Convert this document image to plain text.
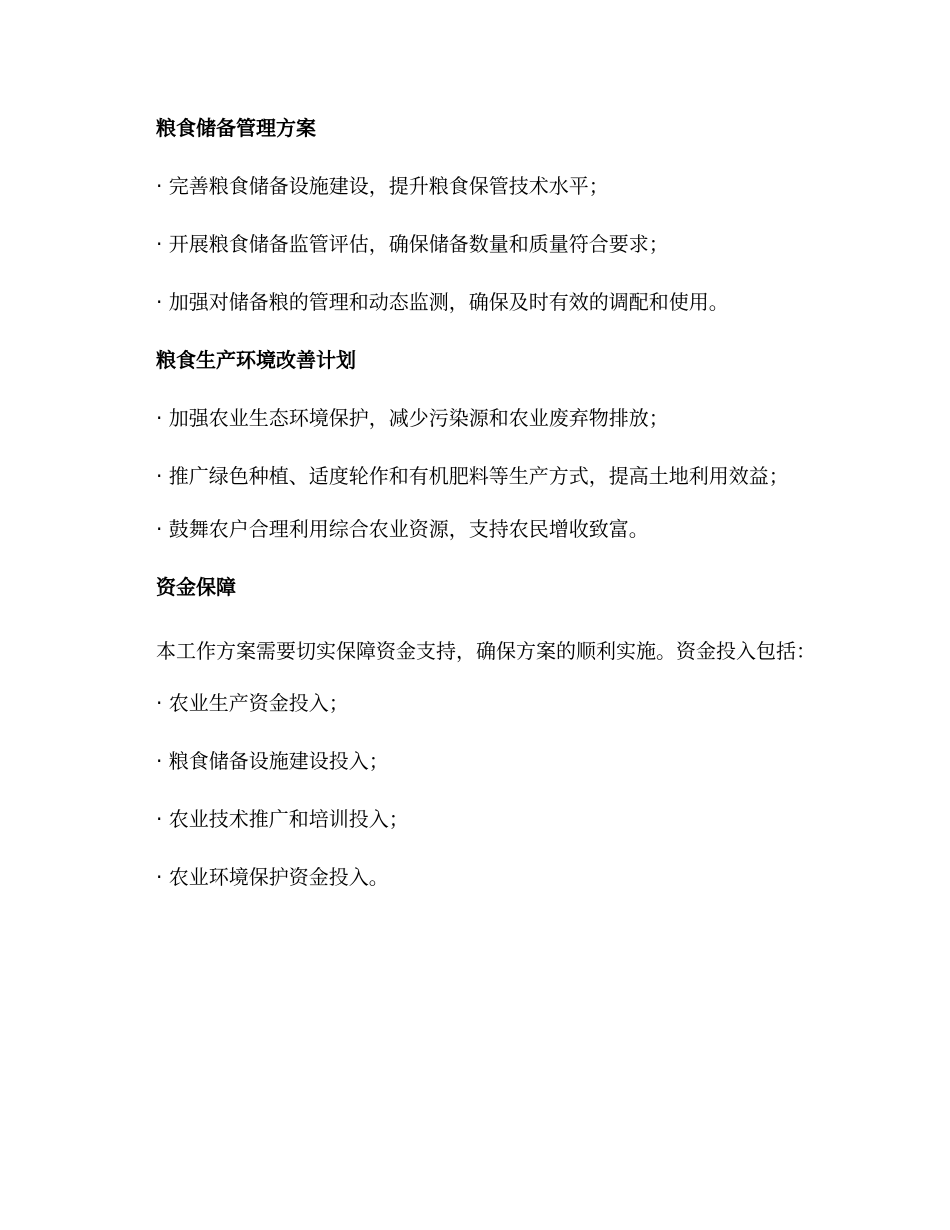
粮食储备管理方案
· 完善粮食储备设施建设，提升粮食保管技术水平；
· 开展粮食储备监管评估，确保储备数量和质量符合要求；
· 加强对储备粮的管理和动态监测，确保及时有效的调配和使用。
粮食生产环境改善计划
· 加强农业生态环境保护，减少污染源和农业废弃物排放；
· 推广绿色种植、适度轮作和有机肥料等生产方式，提高土地利用效益；
· 鼓舞农户合理利用综合农业资源，支持农民增收致富。
资金保障
本工作方案需要切实保障资金支持，确保方案的顺利实施。资金投入包括：
· 农业生产资金投入；
· 粮食储备设施建设投入；
· 农业技术推广和培训投入；
· 农业环境保护资金投入。
